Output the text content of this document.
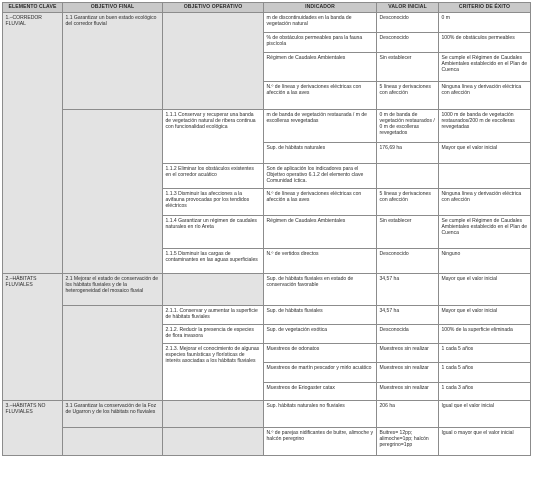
ELEMENTO CLAVE	OBJETIVO FINAL	OBJETIVO OPERATIVO	INDICADOR	VALOR INICIAL	CRITERIO DE ÉXITO
1.–CORREDOR FLUVIAL	1.1 Garantizar un buen estado ecológico del corredor fluvial		m de discontinuidades en la banda de vegetación natural	Desconocido	0 m
			% de obstáculos permeables para la fauna piscícola	Desconocido	100% de obstáculos permeables
			Régimen de Caudales Ambientales	Sin establecer	Se cumple el Régimen de Caudales Ambientales establecido en el Plan de Cuenca
			N.º de líneas y derivaciones eléctricas con afección a las aves	5 líneas y derivaciones con afección	Ninguna línea y derivación eléctrica con afección
		1.1.1 Conservar y recuperar una banda de vegetación natural de ribera continua con funcionalidad ecológica	m de banda de vegetación restaurada / m de escolleras revegetadas	0 m de banda de vegetación restaurados / 0 m de escolleras revegetados	1000 m de banda de vegetación restaurados/200 m de escolleras revegetadas
			Sup. de hábitats naturales	176,69 ha	Mayor que el valor inicial
		1.1.2 Eliminar los obstáculos existentes en el corredor acuático	Son de aplicación los indicadores para el Objetivo operativo 6.1.2 del elemento clave Comunidad íctica.		
		1.1.3 Disminuir las afecciones a la avifauna provocadas por los tendidos eléctricos	N.º de líneas y derivaciones eléctricas con afección a las aves	5 líneas y derivaciones con afección	Ninguna línea y derivación eléctrica con afección
		1.1.4 Garantizar un régimen de caudales naturales en río Areta	Régimen de Caudales Ambientales	Sin establecer	Se cumple el Régimen de Caudales Ambientales establecido en el Plan de Cuenca
		1.1.5 Disminuir las cargas de contaminantes en las aguas superficiales	N.º de vertidos directos	Desconocido	Ninguno
2.–HÁBITATS FLUVIALES	2.1 Mejorar el estado de conservación de los hábitats fluviales y de la heterogeneidad del mosaico fluvial		Sup. de hábitats fluviales en estado de conservación favorable	34,57 ha	Mayor que el valor inicial
		2.1.1. Conservar y aumentar la superficie de hábitats fluviales	Sup. de hábitats fluviales	34,57 ha	Mayor que el valor inicial
		2.1.2. Reducir la presencia de especies de flora invasora	Sup. de vegetación exótica	Desconocida	100% de la superficie eliminada
		2.1.3. Mejorar el conocimiento de algunas especies faunísticas y florísticas de interés asociadas a los hábitats fluviales	Muestreos de odonatos	Muestreos sin realizar	1 cada 5 años
			Muestreos de martín pescador y mirlo acuático	Muestreos sin realizar	1 cada 5 años
			Muestreos de Eriogaster catax	Muestreos sin realizar	1 cada 3 años
3.–HÁBITATS NO FLUVIALES	3.1 Garantizar la conservación de la Foz de Ugarron y de los hábitats no fluviales		Sup. hábitats naturales no fluviales	206 ha	Igual que el valor inicial
			N.º de parejas nidificantes de buitre, alimoche y halcón peregrino	Buitres= 12pp; alimoche=1pp; halcón peregrino=1pp	Igual o mayor que el valor inicial
